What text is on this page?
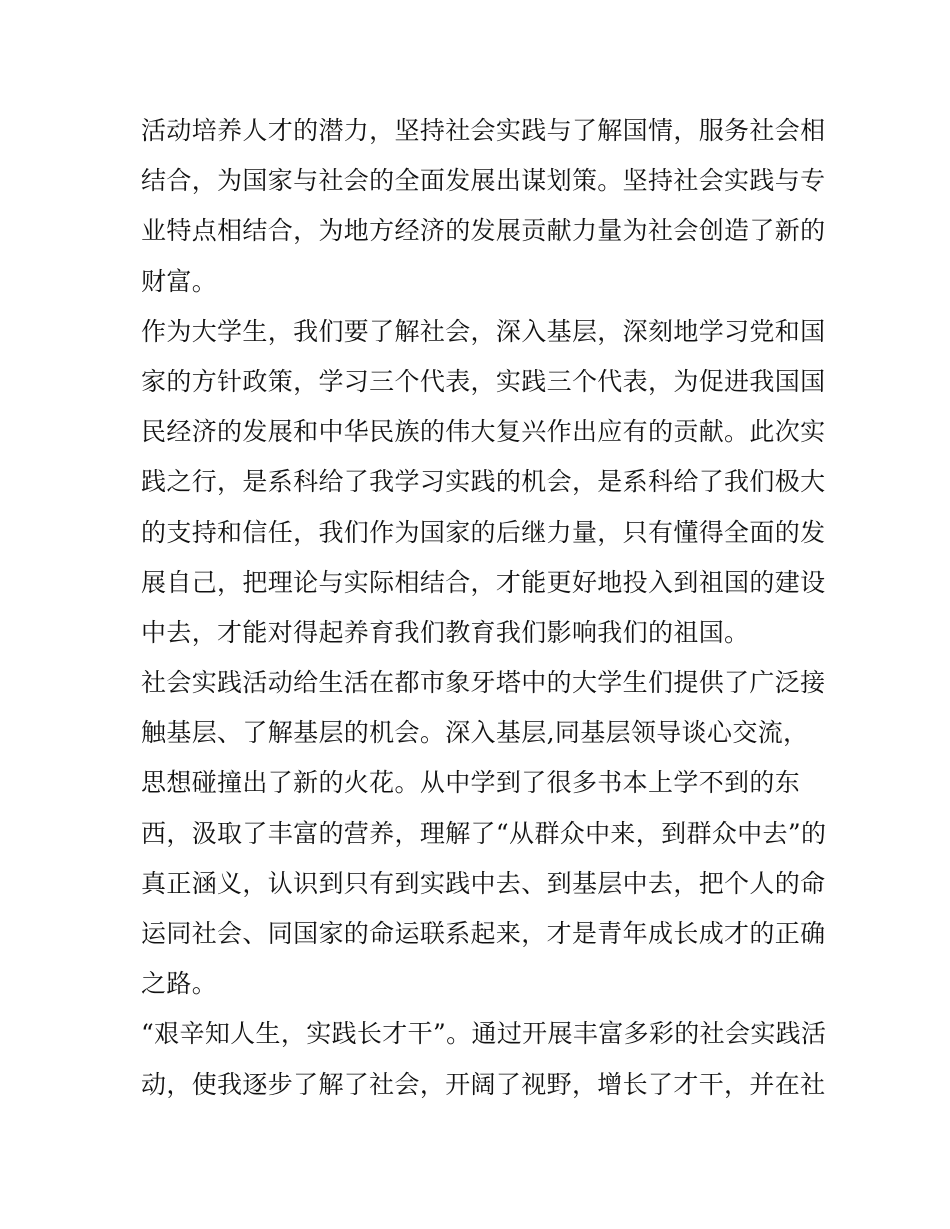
活动培养人才的潜力，坚持社会实践与了解国情，服务社会相
结合，为国家与社会的全面发展出谋划策。坚持社会实践与专
业特点相结合，为地方经济的发展贡献力量为社会创造了新的
财富。
作为大学生，我们要了解社会，深入基层，深刻地学习党和国
家的方针政策，学习三个代表，实践三个代表，为促进我国国
民经济的发展和中华民族的伟大复兴作出应有的贡献。此次实
践之行，是系科给了我学习实践的机会，是系科给了我们极大
的支持和信任，我们作为国家的后继力量，只有懂得全面的发
展自己，把理论与实际相结合，才能更好地投入到祖国的建设
中去，才能对得起养育我们教育我们影响我们的祖国。
社会实践活动给生活在都市象牙塔中的大学生们提供了广泛接
触基层、了解基层的机会。深入基层,同基层领导谈心交流，
思想碰撞出了新的火花。从中学到了很多书本上学不到的东
西，汲取了丰富的营养，理解了“从群众中来，到群众中去”的
真正涵义，认识到只有到实践中去、到基层中去，把个人的命
运同社会、同国家的命运联系起来，才是青年成长成才的正确
之路。
“艰辛知人生，实践长才干”。通过开展丰富多彩的社会实践活
动，使我逐步了解了社会，开阔了视野，增长了才干，并在社
